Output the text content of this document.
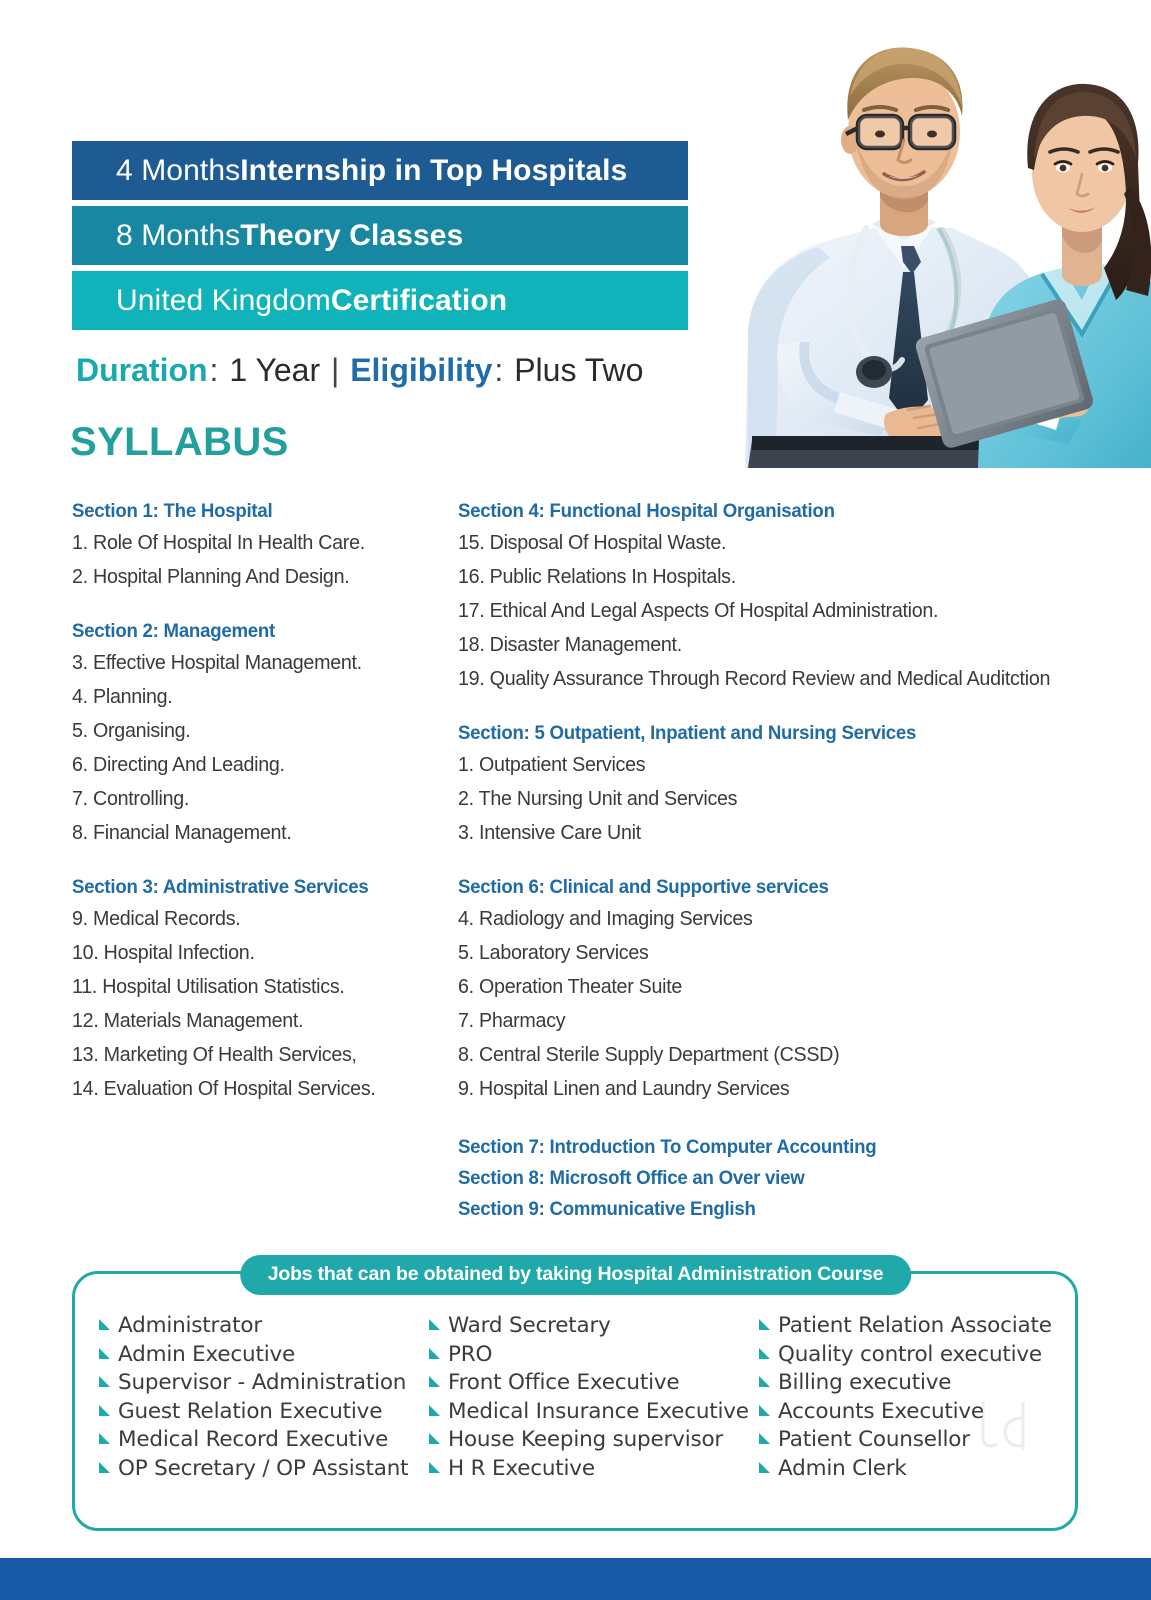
4 Months Internship in Top Hospitals
8 Months Theory Classes
United Kingdom Certification
Duration: 1 Year | Eligibility: Plus Two
SYLLABUS
Section 1: The Hospital
1. Role Of Hospital In Health Care.
2. Hospital Planning And Design.
Section 2: Management
3. Effective Hospital Management.
4. Planning.
5. Organising.
6. Directing And Leading.
7. Controlling.
8. Financial Management.
Section 3: Administrative Services
9. Medical Records.
10. Hospital Infection.
11. Hospital Utilisation Statistics.
12. Materials Management.
13. Marketing Of Health Services,
14. Evaluation Of Hospital Services.
Section 4: Functional Hospital Organisation
15. Disposal Of Hospital Waste.
16. Public Relations In Hospitals.
17. Ethical And Legal Aspects Of Hospital Administration.
18. Disaster Management.
19. Quality Assurance Through Record Review and Medical Auditction
Section: 5 Outpatient, Inpatient and Nursing Services
1. Outpatient Services
2. The Nursing Unit and Services
3. Intensive Care Unit
Section 6: Clinical and Supportive services
4. Radiology and Imaging Services
5. Laboratory Services
6. Operation Theater Suite
7. Pharmacy
8. Central Sterile Supply Department (CSSD)
9. Hospital Linen and Laundry Services
Section 7: Introduction To Computer Accounting
Section 8: Microsoft Office an Over view
Section 9: Communicative English
Jobs that can be obtained by taking Hospital Administration Course
Administrator
Admin Executive
Supervisor - Administration
Guest Relation Executive
Medical Record Executive
OP Secretary / OP Assistant
Ward Secretary
PRO
Front Office Executive
Medical Insurance Executive
House Keeping supervisor
H R Executive
Patient Relation Associate
Quality control executive
Billing executive
Accounts Executive
Patient Counsellor
Admin Clerk
